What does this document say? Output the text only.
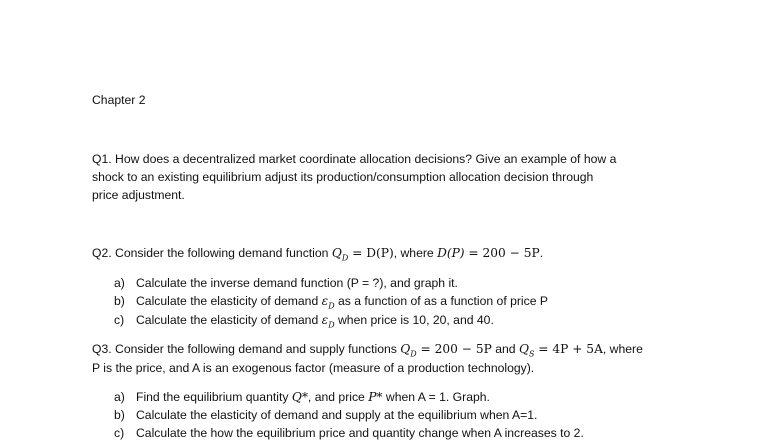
Chapter 2
Q1. How does a decentralized market coordinate allocation decisions? Give an example of how a
shock to an existing equilibrium adjust its production/consumption allocation decision through
price adjustment.
Q2. Consider the following demand function $Q_D = D(P)$, where D(P) = 200 − 5P.
a) Calculate the inverse demand function (P = ?), and graph it.
b) Calculate the elasticity of demand $\varepsilon_D$ as a function of as a function of price P
c) Calculate the elasticity of demand $\varepsilon_D$ when price is 10, 20, and 40.
Q3. Consider the following demand and supply functions $Q_D = 200 - 5P$ and $Q_S = 4P + 5A$, where
P is the price, and A is an exogenous factor (measure of a production technology).
a) Find the equilibrium quantity Q*, and price P* when A = 1. Graph.
b) Calculate the elasticity of demand and supply at the equilibrium when A=1.
c) Calculate the how the equilibrium price and quantity change when A increases to 2.
